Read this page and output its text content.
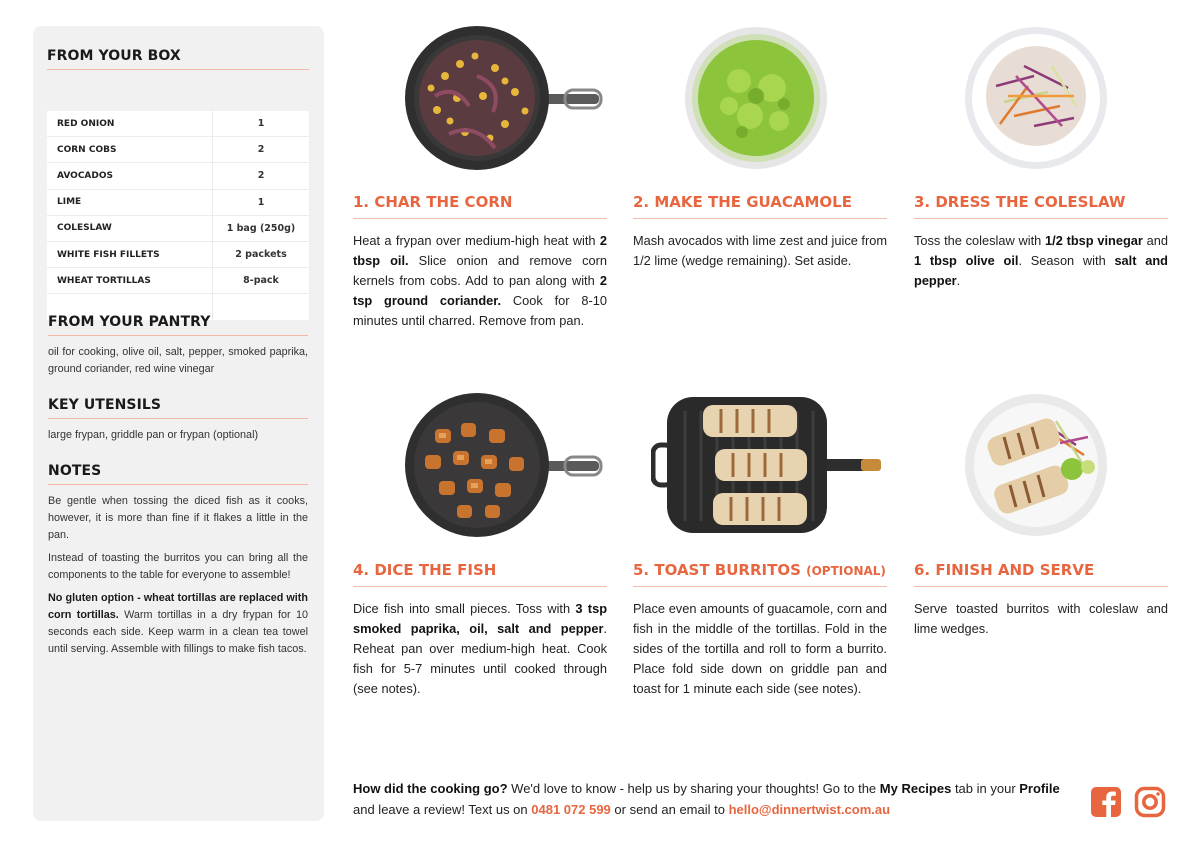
FROM YOUR BOX
RED ONION	1
CORN COBS	2
AVOCADOS	2
LIME	1
COLESLAW	1 bag (250g)
WHITE FISH FILLETS	2 packets
WHEAT TORTILLAS	8-pack
FROM YOUR PANTRY
oil for cooking, olive oil, salt, pepper, smoked paprika, ground coriander, red wine vinegar
KEY UTENSILS
large frypan, griddle pan or frypan (optional)
NOTES
Be gentle when tossing the diced fish as it cooks, however, it is more than fine if it flakes a little in the pan.
Instead of toasting the burritos you can bring all the components to the table for everyone to assemble!
No gluten option - wheat tortillas are replaced with corn tortillas. Warm tortillas in a dry frypan for 10 seconds each side. Keep warm in a clean tea towel until serving. Assemble with fillings to make fish tacos.
1. CHAR THE CORN
Heat a frypan over medium-high heat with 2 tbsp oil. Slice onion and remove corn kernels from cobs. Add to pan along with 2 tsp ground coriander. Cook for 8-10 minutes until charred. Remove from pan.
2. MAKE THE GUACAMOLE
Mash avocados with lime zest and juice from 1/2 lime (wedge remaining). Set aside.
3. DRESS THE COLESLAW
Toss the coleslaw with 1/2 tbsp vinegar and 1 tbsp olive oil. Season with salt and pepper.
4. DICE THE FISH
Dice fish into small pieces. Toss with 3 tsp smoked paprika, oil, salt and pepper. Reheat pan over medium-high heat. Cook fish for 5-7 minutes until cooked through (see notes).
5. TOAST BURRITOS (OPTIONAL)
Place even amounts of guacamole, corn and fish in the middle of the tortillas. Fold in the sides of the tortilla and roll to form a burrito. Place fold side down on griddle pan and toast for 1 minute each side (see notes).
6. FINISH AND SERVE
Serve toasted burritos with coleslaw and lime wedges.
How did the cooking go? We'd love to know - help us by sharing your thoughts! Go to the My Recipes tab in your Profile and leave a review! Text us on 0481 072 599 or send an email to hello@dinnertwist.com.au
